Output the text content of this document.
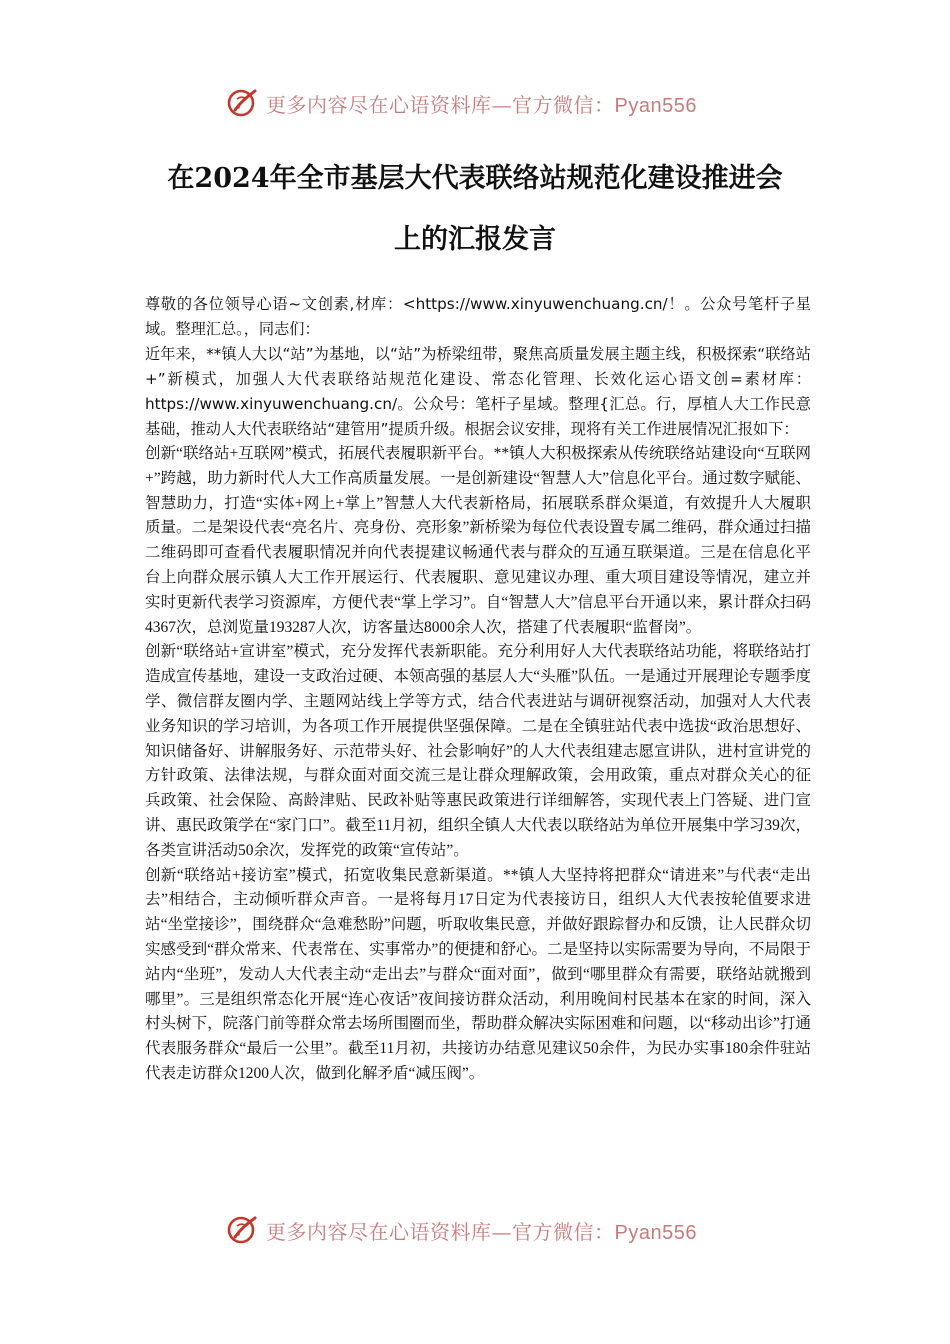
更多内容尽在心语资料库—官方微信：Pyan556
在2024年全市基层大代表联络站规范化建设推进会
上的汇报发言

尊敬的各位领导心语~文创素,材库：<https://www.xinyuwenchuang.cn/！。公众号笔杆子星域。整理汇总。，同志们：

近年来，**镇人大以“站”为基地，以“站”为桥梁纽带，聚焦高质量发展主题主线，积极探索“联络站+”新模式，加强人大代表联络站规范化建设、常态化管理、长效化运心语文创=素材库：https://www.xinyuwenchuang.cn/。公众号：笔杆子星域。整理{汇总。行，厚植人大工作民意基础，推动人大代表联络站“建管用”提质升级。根据会议安排，现将有关工作进展情况汇报如下：

创新“联络站+互联网”模式，拓展代表履职新平台。**镇人大积极探索从传统联络站建设向“互联网+”跨越，助力新时代人大工作高质量发展。一是创新建设“智慧人大”信息化平台。通过数字赋能、智慧助力，打造“实体+网上+掌上”智慧人大代表新格局，拓展联系群众渠道，有效提升人大履职质量。二是架设代表“亮名片、亮身份、亮形象”新桥梁为每位代表设置专属二维码，群众通过扫描二维码即可查看代表履职情况并向代表提建议畅通代表与群众的互通互联渠道。三是在信息化平台上向群众展示镇人大工作开展运行、代表履职、意见建议办理、重大项目建设等情况，建立并实时更新代表学习资源库，方便代表“掌上学习”。自“智慧人大”信息平台开通以来，累计群众扫码4367次，总浏览量193287人次，访客量达8000余人次，搭建了代表履职“监督岗”。

创新“联络站+宣讲室”模式，充分发挥代表新职能。充分利用好人大代表联络站功能，将联络站打造成宣传基地，建设一支政治过硬、本领高强的基层人大“头雁”队伍。一是通过开展理论专题季度学、微信群友圈内学、主题网站线上学等方式，结合代表进站与调研视察活动，加强对人大代表业务知识的学习培训，为各项工作开展提供坚强保障。二是在全镇驻站代表中选拔“政治思想好、知识储备好、讲解服务好、示范带头好、社会影响好”的人大代表组建志愿宣讲队，进村宣讲党的方针政策、法律法规，与群众面对面交流三是让群众理解政策，会用政策，重点对群众关心的征兵政策、社会保险、高龄津贴、民政补贴等惠民政策进行详细解答，实现代表上门答疑、进门宣讲、惠民政策学在“家门口”。截至11月初，组织全镇人大代表以联络站为单位开展集中学习39次，各类宣讲活动50余次，发挥党的政策“宣传站”。

创新“联络站+接访室”模式，拓宽收集民意新渠道。**镇人大坚持将把群众“请进来”与代表“走出去”相结合，主动倾听群众声音。一是将每月17日定为代表接访日，组织人大代表按轮值要求进站“坐堂接诊”，围绕群众“急难愁盼”问题，听取收集民意，并做好跟踪督办和反馈，让人民群众切实感受到“群众常来、代表常在、实事常办”的便捷和舒心。二是坚持以实际需要为导向，不局限于站内“坐班”，发动人大代表主动“走出去”与群众“面对面”，做到“哪里群众有需要，联络站就搬到哪里”。三是组织常态化开展“连心夜话”夜间接访群众活动，利用晚间村民基本在家的时间，深入村头树下，院落门前等群众常去场所围圈而坐，帮助群众解决实际困难和问题，以“移动出诊”打通代表服务群众“最后一公里”。截至11月初，共接访办结意见建议50余件，为民办实事180余件驻站代表走访群众1200人次，做到化解矛盾“减压阀”。

更多内容尽在心语资料库—官方微信：Pyan556
